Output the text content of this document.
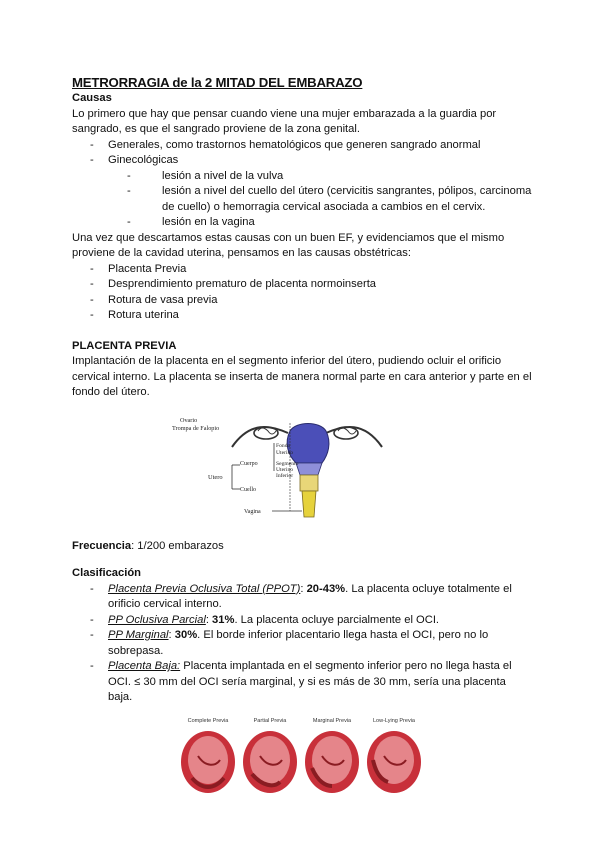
METRORRAGIA de la 2 MITAD DEL EMBARAZO

Causas

Lo primero que hay que pensar cuando viene una mujer embarazada a la guardia por sangrado, es que el sangrado proviene de la zona genital.

- Generales, como trastornos hematológicos que generen sangrado anormal
- Ginecológicas
- lesión a nivel de la vulva
- lesión a nivel del cuello del útero (cervicitis sangrantes, pólipos, carcinoma de cuello) o hemorragia cervical asociada a cambios en el cervix.
- lesión en la vagina

Una vez que descartamos estas causas con un buen EF, y evidenciamos que el mismo proviene de la cavidad uterina, pensamos en las causas obstétricas:

- Placenta Previa
- Desprendimiento prematuro de placenta normoinserta
- Rotura de vasa previa
- Rotura uterina

PLACENTA PREVIA

Implantación de la placenta en el segmento inferior del útero, pudiendo ocluir el orificio cervical interno. La placenta se inserta de manera normal parte en cara anterior y parte en el fondo del útero.

Ovario
Trompa de Falopio
Fondo
Uterino
Segmento
Uterino
Inferior
Cuerpo
Utero
Cuello
Vagina

Frecuencia: 1/200 embarazos

Clasificación

- Placenta Previa Oclusiva Total (PPOT): 20-43%. La placenta ocluye totalmente el orificio cervical interno.
- PP Oclusiva Parcial: 31%. La placenta ocluye parcialmente el OCI.
- PP Marginal: 30%. El borde inferior placentario llega hasta el OCI, pero no lo sobrepasa.
- Placenta Baja: Placenta implantada en el segmento inferior pero no llega hasta el OCI. ≤ 30 mm del OCI sería marginal, y si es más de 30 mm, sería una placenta baja.
Complete Previa	Partial Previa	Marginal Previa	Low-Lying Previa
